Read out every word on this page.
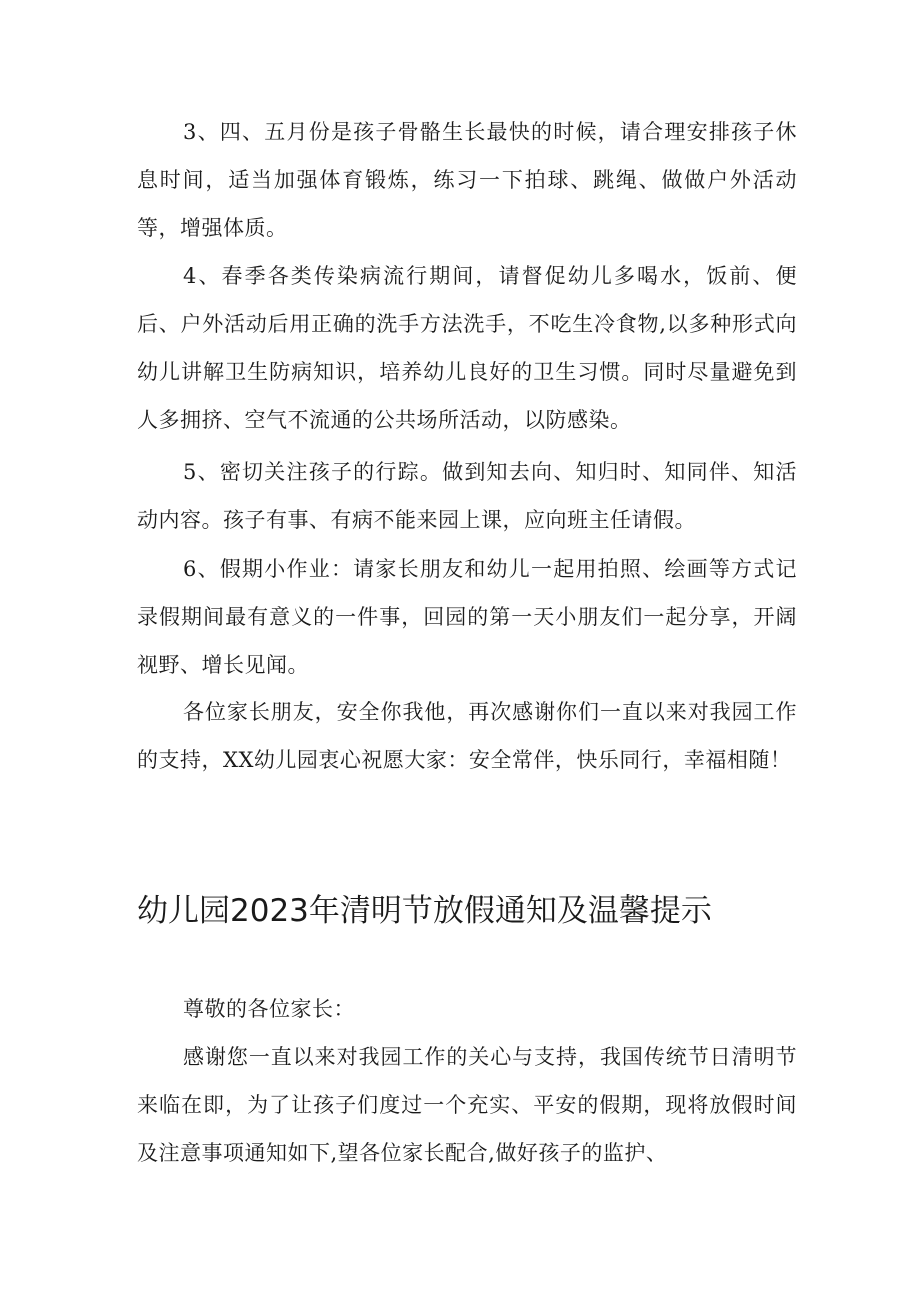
3、四、五月份是孩子骨骼生长最快的时候，请合理安排孩子休息时间，适当加强体育锻炼，练习一下拍球、跳绳、做做户外活动等，增强体质。

4、春季各类传染病流行期间，请督促幼儿多喝水，饭前、便后、户外活动后用正确的洗手方法洗手，不吃生冷食物,以多种形式向幼儿讲解卫生防病知识，培养幼儿良好的卫生习惯。同时尽量避免到人多拥挤、空气不流通的公共场所活动，以防感染。

5、密切关注孩子的行踪。做到知去向、知归时、知同伴、知活动内容。孩子有事、有病不能来园上课，应向班主任请假。

6、假期小作业：请家长朋友和幼儿一起用拍照、绘画等方式记录假期间最有意义的一件事，回园的第一天小朋友们一起分享，开阔视野、增长见闻。

各位家长朋友，安全你我他，再次感谢你们一直以来对我园工作的支持，XX幼儿园衷心祝愿大家：安全常伴，快乐同行，幸福相随！

幼儿园2023年清明节放假通知及温馨提示

尊敬的各位家长：

感谢您一直以来对我园工作的关心与支持，我国传统节日清明节来临在即，为了让孩子们度过一个充实、平安的假期，现将放假时间及注意事项通知如下,望各位家长配合,做好孩子的监护、
